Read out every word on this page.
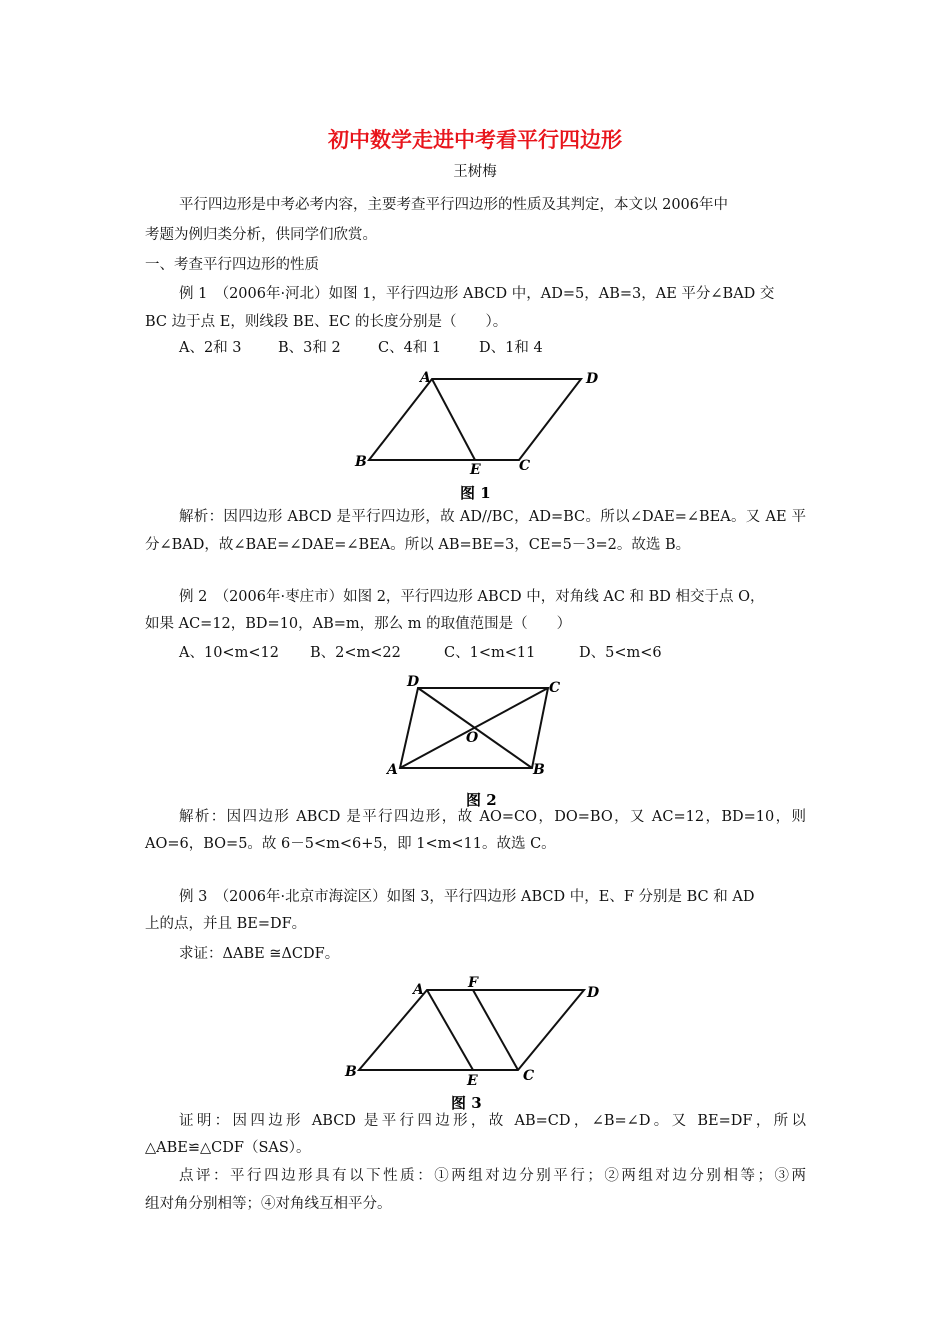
初中数学走进中考看平行四边形
王树梅
平行四边形是中考必考内容，主要考查平行四边形的性质及其判定，本文以 2006年中
考题为例归类分析，供同学们欣赏。
一、考查平行四边形的性质
例 1　（2006年·河北）如图 1，平行四边形 ABCD 中，AD=5，AB=3，AE 平分∠BAD 交
BC 边于点 E，则线段 BE、EC 的长度分别是（　　）。
A、2和 3	B、3和 2	C、4和 1	D、1和 4
A	D
B	E	C
图 1
解析：因四边形 ABCD 是平行四边形，故 AD//BC，AD=BC。所以∠DAE=∠BEA。又 AE 平
分∠BAD，故∠BAE=∠DAE=∠BEA。所以 AB=BE=3，CE=5－3=2。故选 B。
例 2　（2006年·枣庄市）如图 2，平行四边形 ABCD 中，对角线 AC 和 BD 相交于点 O，
如果 AC=12，BD=10，AB=m，那么 m 的取值范围是（　　）
A、10<m<12 B、2<m<22	C、1<m<11	D、5<m<6
D	C
O
A	B
图 2
解析：因四边形 ABCD 是平行四边形，故 AO=CO，DO=BO，又 AC=12，BD=10，则
AO=6，BO=5。故 6－5<m<6+5，即 1<m<11。故选 C。
例 3　（2006年·北京市海淀区）如图 3，平行四边形 ABCD 中，E、F 分别是 BC 和 AD
上的点，并且 BE=DF。
求证：ΔABE ≅ΔCDF。
A	F
D
B
E	C
图 3
证明：因四边形 ABCD 是平行四边形，故 AB=CD，∠B=∠D。又 BE=DF，所以
△ABE≌△CDF（SAS）。
点评：平行四边形具有以下性质：①两组对边分别平行；②两组对边分别相等；③两
组对角分别相等；④对角线互相平分。
